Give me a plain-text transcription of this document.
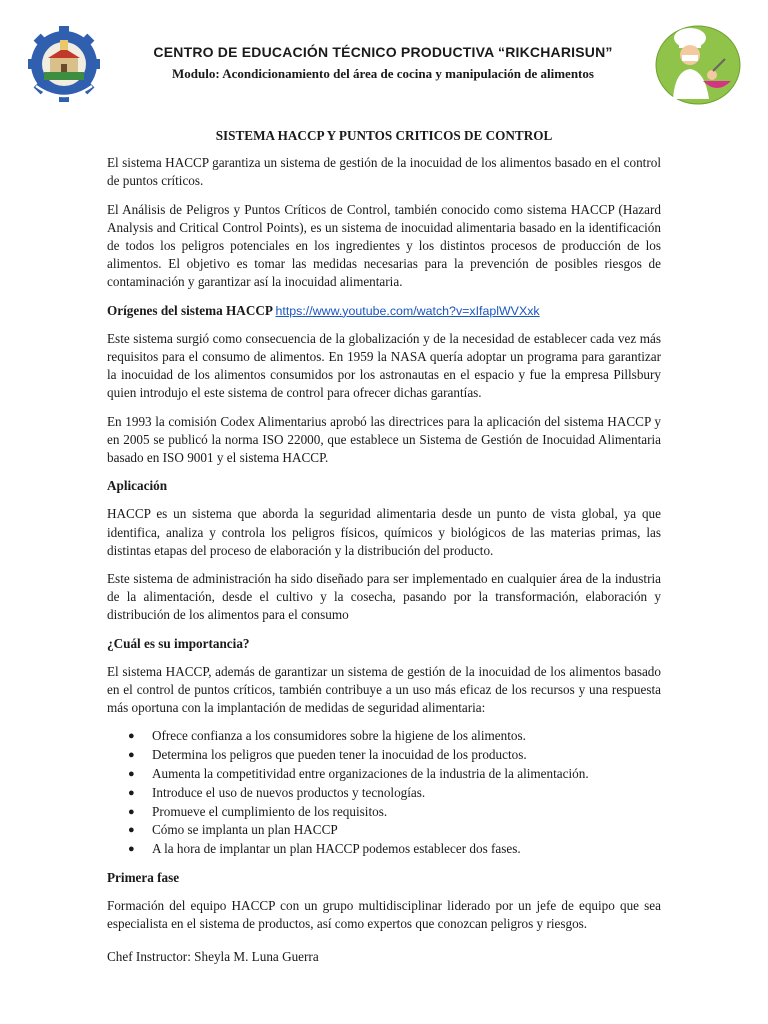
CENTRO DE EDUCACIÓN TÉCNICO PRODUCTIVA “RIKCHARISUN”
Modulo: Acondicionamiento del área de cocina y manipulación de alimentos
SISTEMA HACCP Y PUNTOS CRITICOS DE CONTROL

El sistema HACCP garantiza un sistema de gestión de la inocuidad de los alimentos basado en el control de puntos críticos.

El Análisis de Peligros y Puntos Críticos de Control, también conocido como sistema HACCP (Hazard Analysis and Critical Control Points), es un sistema de inocuidad alimentaria basado en la identificación de todos los peligros potenciales en los ingredientes y los distintos procesos de producción de los alimentos. El objetivo es tomar las medidas necesarias para la prevención de posibles riesgos de contaminación y garantizar así la inocuidad alimentaria.

Orígenes del sistema HACCP https://www.youtube.com/watch?v=xIfaplWVXxk

Este sistema surgió como consecuencia de la globalización y de la necesidad de establecer cada vez más requisitos para el consumo de alimentos. En 1959 la NASA quería adoptar un programa para garantizar la inocuidad de los alimentos consumidos por los astronautas en el espacio y fue la empresa Pillsbury quien introdujo el este sistema de control para ofrecer dichas garantías.

En 1993 la comisión Codex Alimentarius aprobó las directrices para la aplicación del sistema HACCP y en 2005 se publicó la norma ISO 22000, que establece un Sistema de Gestión de Inocuidad Alimentaria basado en ISO 9001 y el sistema HACCP.

Aplicación

HACCP es un sistema que aborda la seguridad alimentaria desde un punto de vista global, ya que identifica, analiza y controla los peligros físicos, químicos y biológicos de las materias primas, las distintas etapas del proceso de elaboración y la distribución del producto.

Este sistema de administración ha sido diseñado para ser implementado en cualquier área de la industria de la alimentación, desde el cultivo y la cosecha, pasando por la transformación, elaboración y distribución de los alimentos para el consumo

¿Cuál es su importancia?

El sistema HACCP, además de garantizar un sistema de gestión de la inocuidad de los alimentos basado en el control de puntos críticos, también contribuye a un uso más eficaz de los recursos y una respuesta más oportuna con la implantación de medidas de seguridad alimentaria:

● Ofrece confianza a los consumidores sobre la higiene de los alimentos.
● Determina los peligros que pueden tener la inocuidad de los productos.
● Aumenta la competitividad entre organizaciones de la industria de la alimentación.
● Introduce el uso de nuevos productos y tecnologías.
● Promueve el cumplimiento de los requisitos.
● Cómo se implanta un plan HACCP
● A la hora de implantar un plan HACCP podemos establecer dos fases.
Primera fase

Formación del equipo HACCP con un grupo multidisciplinar liderado por un jefe de equipo que sea especialista en el sistema de productos, así como expertos que conozcan peligros y riesgos.

Chef Instructor: Sheyla M. Luna Guerra
